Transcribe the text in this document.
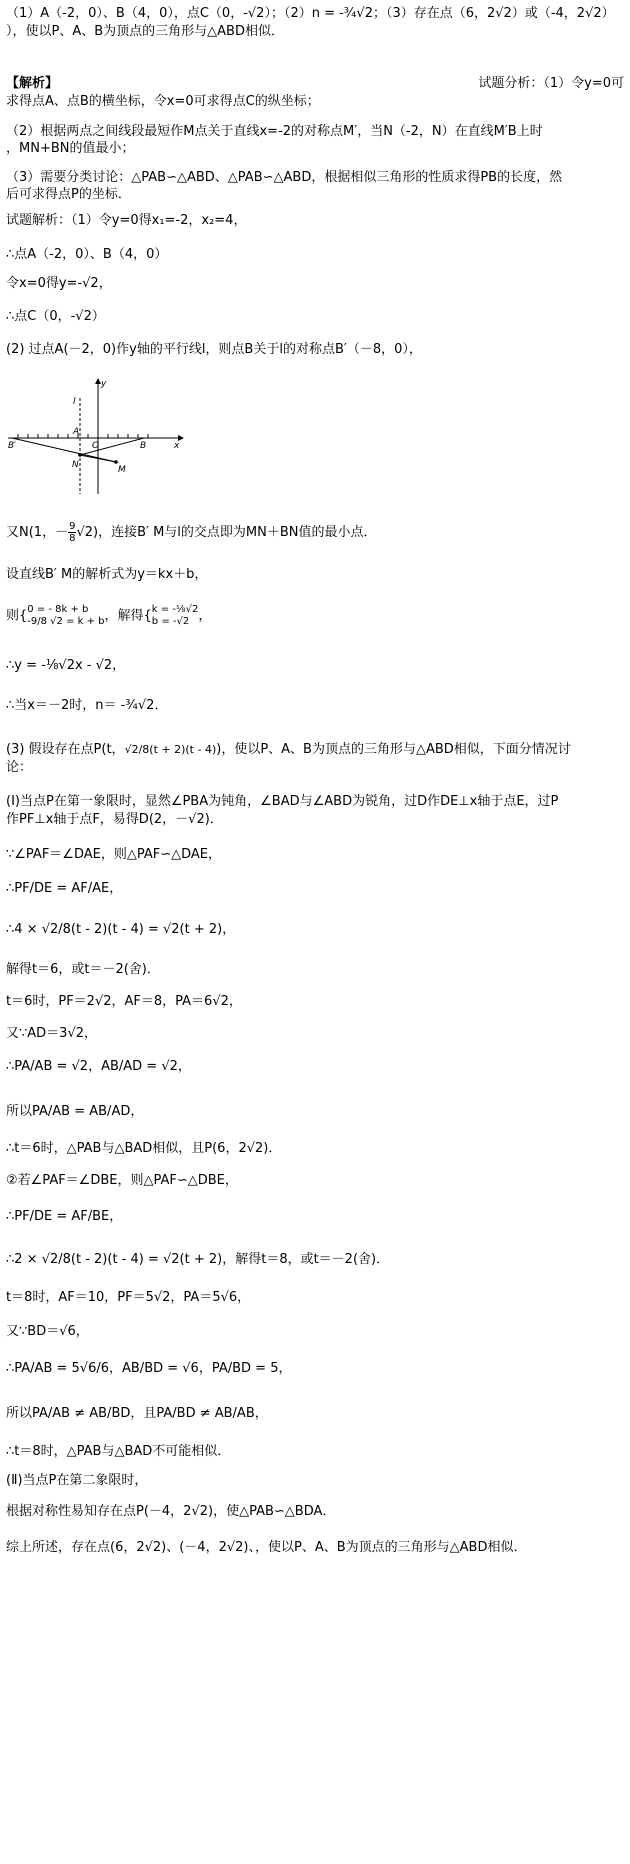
（1）A（-2，0）、B（4，0），点C（0，-√2）；（2）n = -¾√2；（3）存在点（6，2√2）或（-4，2√2）
），使以P、A、B为顶点的三角形与△ABD相似．
【解析】	试题分析：（1）令y=0可
求得点A、点B的横坐标，令x=0可求得点C的纵坐标；
（2）根据两点之间线段最短作M点关于直线x=-2的对称点M′，当N（-2，N）在直线M′B上时
，MN+BN的值最小；
（3）需要分类讨论：△PAB∽△ABD、△PAB∽△ABD，根据相似三角形的性质求得PB的长度，然
后可求得点P的坐标．
试题解析：（1）令y=0得x₁=-2，x₂=4，
∴点A（-2，0）、B（4，0）
令x=0得y=-√2，
∴点C（0，-√2）
(2) 过点A(－2，0)作y轴的平行线l，则点B关于l的对称点B′（－8，0），
y
x
l
A
O	B
B′
N	M
又N(1，－ $\frac{9}{8} √2$)，连接B′ M与l的交点即为MN＋BN值的最小点．
设直线B′ M的解析式为y＝kx＋b，
则{ 0 = - 8k + b
-9/8 √2 = k + b ，解得{ k = -⅛√2
b = -√2 ，
∴y = -⅛√2x - √2，
∴当x＝－2时，n＝ -¾√2．
(3) 假设存在点P(t，√2/8(t + 2)(t - 4))，使以P、A、B为顶点的三角形与△ABD相似，下面分情况讨
论：
(Ⅰ)当点P在第一象限时，显然∠PBA为钝角，∠BAD与∠ABD为锐角，过D作DE⊥x轴于点E，过P
作PF⊥x轴于点F，易得D(2，－√2)．
∵∠PAF＝∠DAE，则△PAF∽△DAE，
∴PF/DE = AF/AE，
∴4 × √2/8(t - 2)(t - 4) = √2(t + 2)，
解得t＝6，或t＝－2(舍)．
t＝6时，PF＝2√2，AF＝8，PA＝6√2，
又∵AD＝3√2，
∴PA/AB = √2，AB/AD = √2，
所以PA/AB = AB/AD，
∴t＝6时，△PAB与△BAD相似，且P(6，2√2)．
②若∠PAF＝∠DBE，则△PAF∽△DBE，
∴PF/DE = AF/BE，
∴2 × √2/8(t - 2)(t - 4) = √2(t + 2)，解得t＝8，或t＝－2(舍)．
t＝8时，AF＝10，PF＝5√2，PA＝5√6，
又∵BD＝√6，
∴PA/AB = 5√6/6，AB/BD = √6，PA/BD = 5，
所以PA/AB ≠ AB/BD，且PA/BD ≠ AB/AB，
∴t＝8时，△PAB与△BAD不可能相似．
(Ⅱ)当点P在第二象限时，
根据对称性易知存在点P(－4，2√2)，使△PAB∽△BDA．
综上所述，存在点(6，2√2)、(－4，2√2)、，使以P、A、B为顶点的三角形与△ABD相似．
